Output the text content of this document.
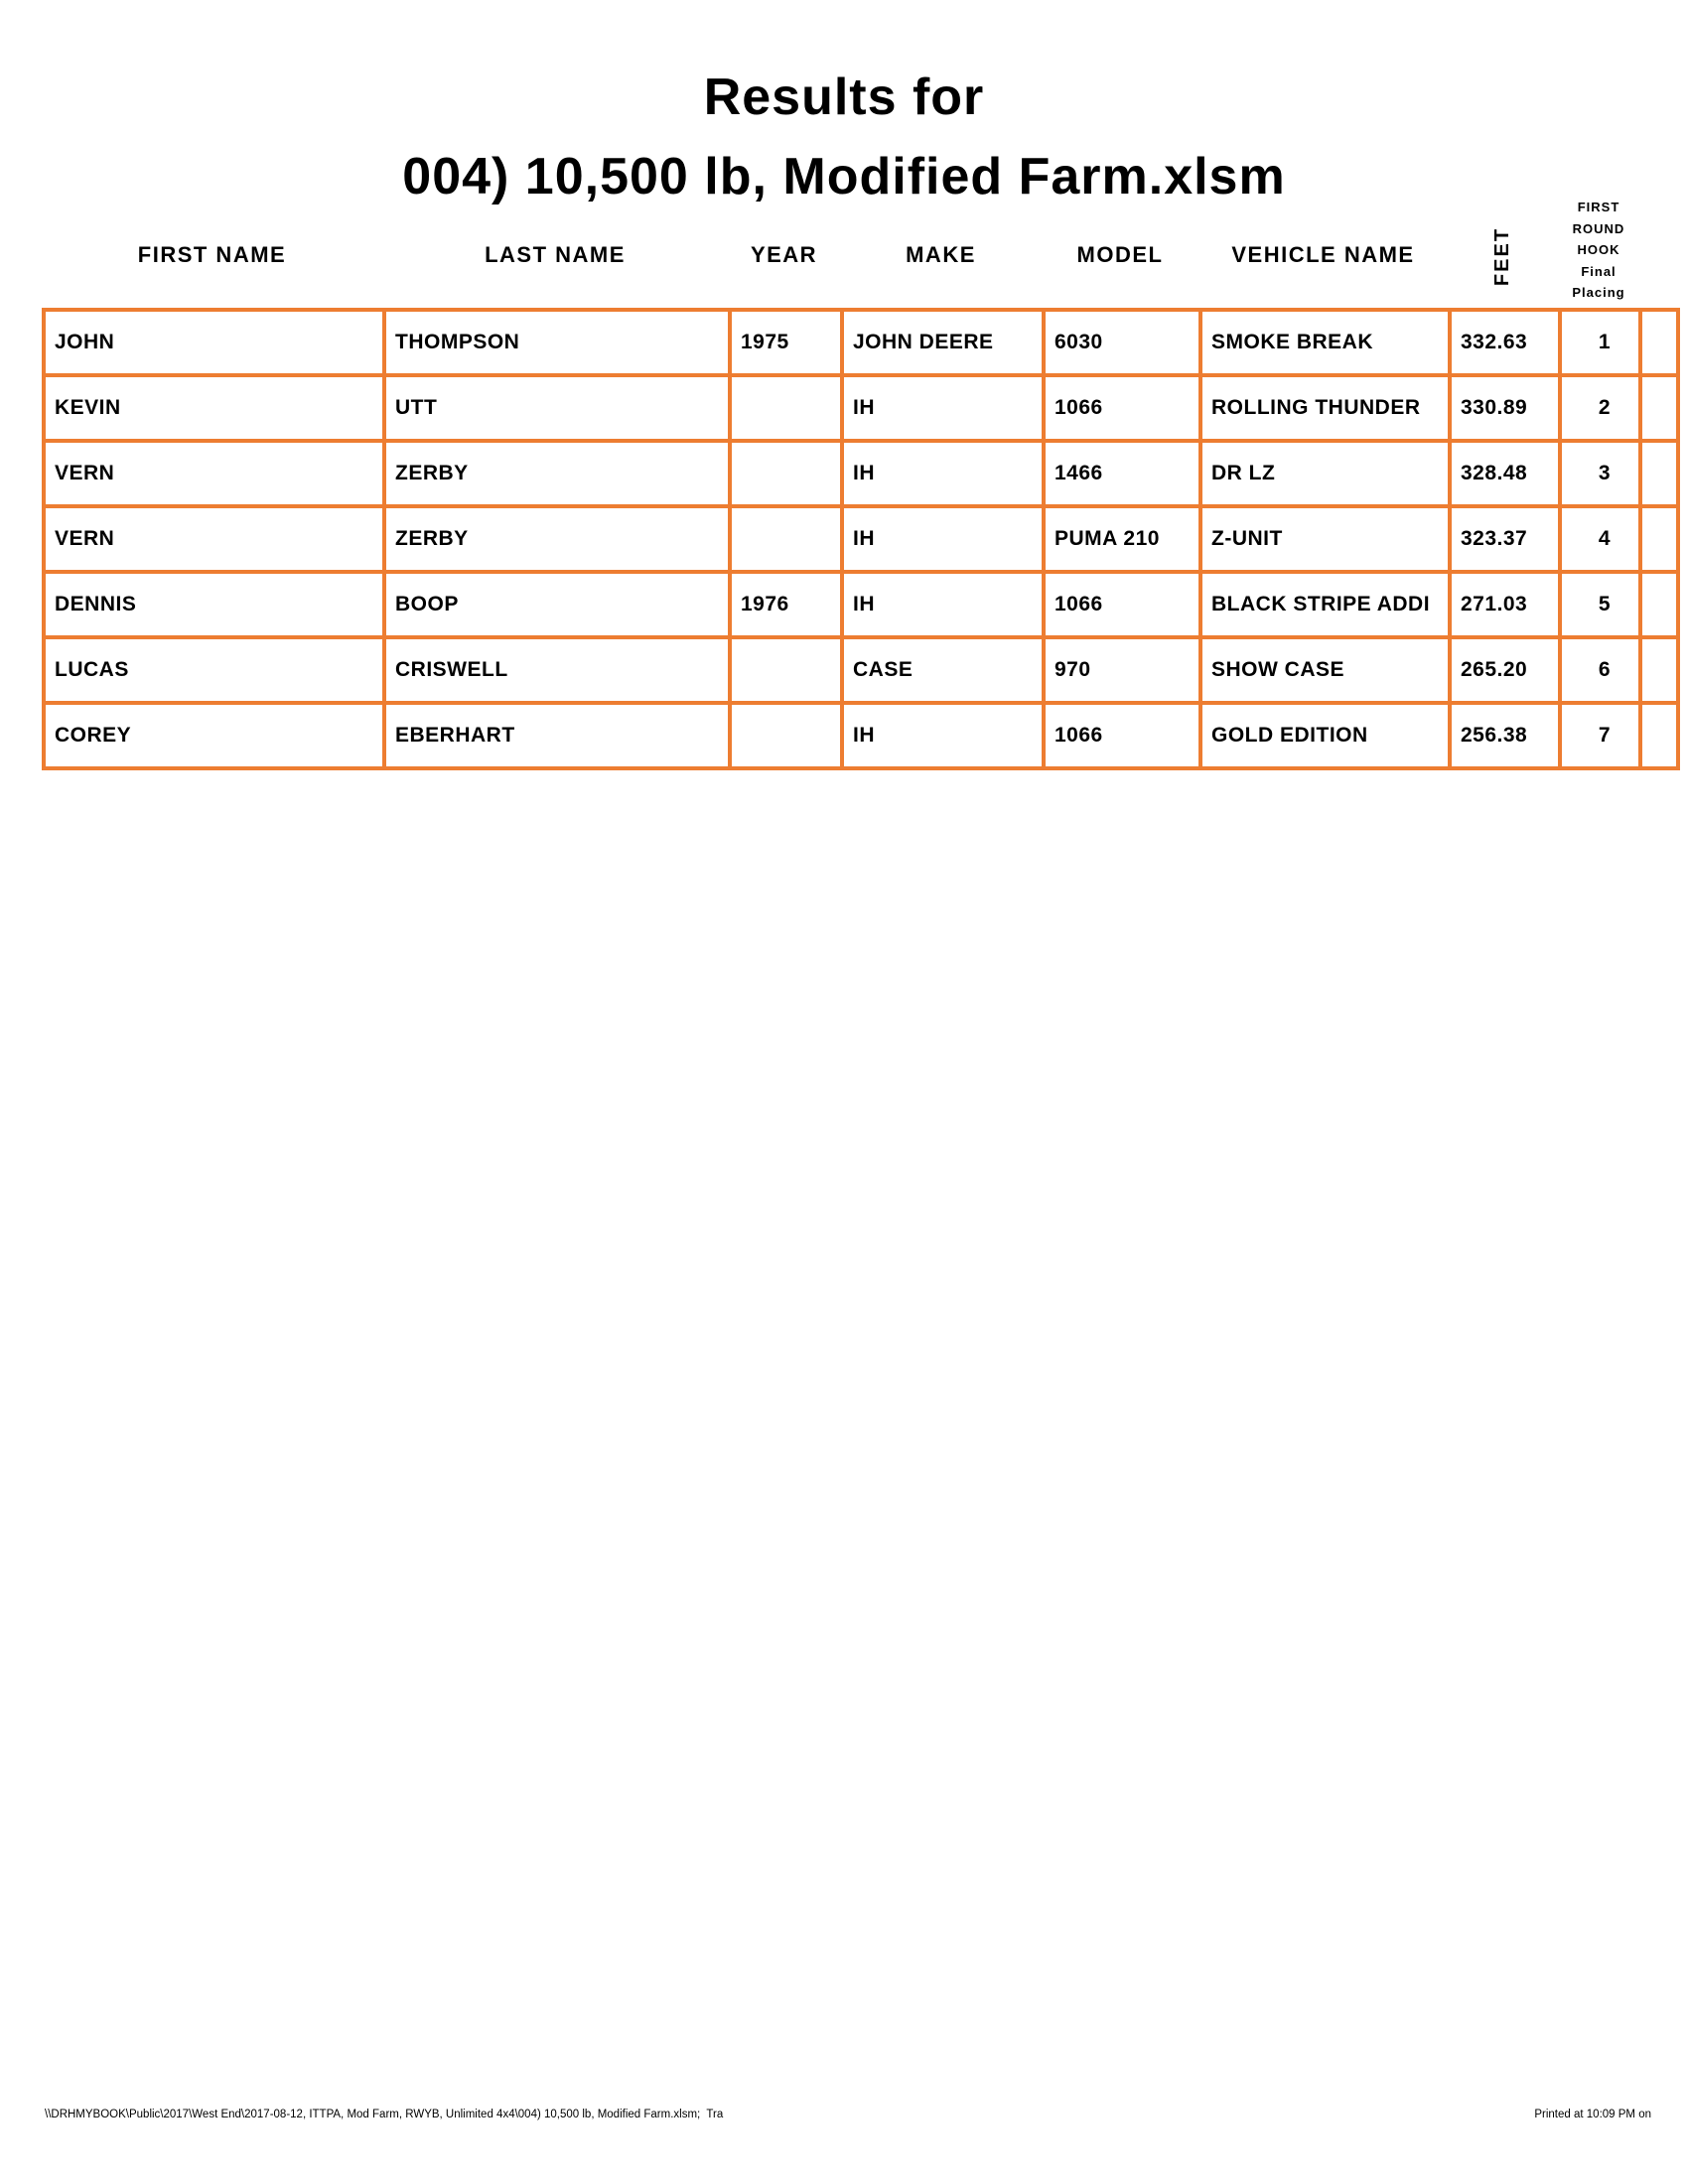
Results for
004) 10,500 lb, Modified Farm.xlsm
FIRST NAME	LAST NAME	YEAR	MAKE	MODEL	VEHICLE NAME	FEET
FIRST
ROUND
HOOK
Final
Placing
JOHN	THOMPSON	1975	JOHN DEERE	6030	SMOKE BREAK	332.63	1	
KEVIN	UTT		IH	1066	ROLLING THUNDER	330.89	2	
VERN	ZERBY		IH	1466	DR LZ	328.48	3	
VERN	ZERBY		IH	PUMA 210	Z-UNIT	323.37	4	
DENNIS	BOOP	1976	IH	1066	BLACK STRIPE ADDI	271.03	5	
LUCAS	CRISWELL		CASE	970	SHOW CASE	265.20	6	
COREY	EBERHART		IH	1066	GOLD EDITION	256.38	7	
\\DRHMYBOOK\Public\2017\West End\2017-08-12, ITTPA, Mod Farm, RWYB, Unlimited 4x4\004) 10,500 lb, Modified Farm.xlsm;  Tra	Printed at 10:09 PM on
